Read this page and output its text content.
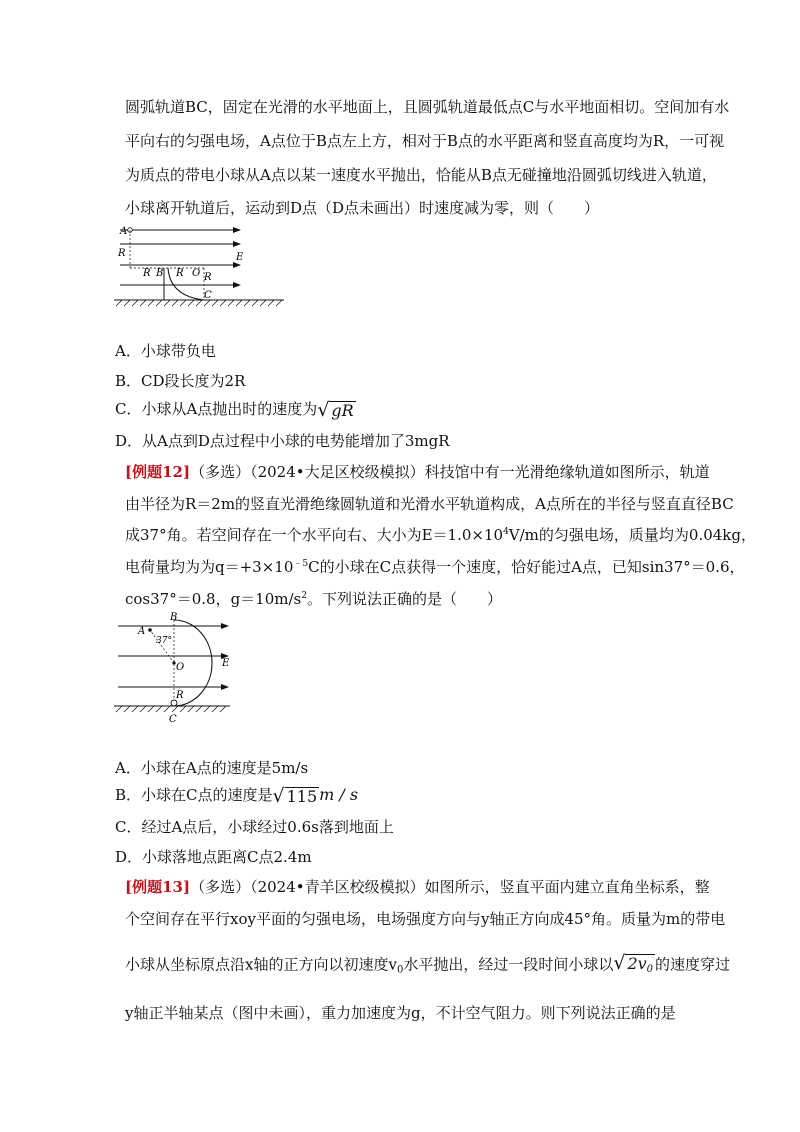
圆弧轨道BC，固定在光滑的水平地面上，且圆弧轨道最低点C与水平地面相切。空间加有水
平向右的匀强电场，A点位于B点左上方，相对于B点的水平距离和竖直高度均为R，一可视
为质点的带电小球从A点以某一速度水平抛出，恰能从B点无碰撞地沿圆弧切线进入轨道，
小球离开轨道后，运动到D点（D点未画出）时速度减为零，则（　　）
A
R	E
R B R O R
C
A．小球带负电
B．CD段长度为2R
C．小球从A点抛出时的速度为√ gR
D．从A点到D点过程中小球的电势能增加了3mgR
[例题12]（多选）（2024•大足区校级模拟）科技馆中有一光滑绝缘轨道如图所示，轨道
由半径为R＝2m的竖直光滑绝缘圆轨道和光滑水平轨道构成，A点所在的半径与竖直直径BC
成37°角。若空间存在一个水平向右、大小为$E=1.0\times 10^4V/m$的匀强电场，质量均为0.04kg，
电荷量均为为$q=+3\times 10^{﹣5}C$的小球在C点获得一个速度，恰好能过A点，已知sin37°＝0.6，
cos37°＝0.8，$g=10m/s^2$。下列说法正确的是（　　）
B
A
37°
O	E
R
C
A．小球在A点的速度是5m/s
B．小球在C点的速度是√ 115 m / s
C．经过A点后，小球经过0.6s落到地面上
D．小球落地点距离C点2.4m
[例题13]（多选）（2024•青羊区校级模拟）如图所示，竖直平面内建立直角坐标系，整
个空间存在平行xoy平面的匀强电场，电场强度方向与y轴正方向成45°角。质量为m的带电
小球从坐标原点沿x轴的正方向以初速度$v_0$水平抛出，经过一段时间小球以√ $2v_0$ 的速度穿过
y轴正半轴某点（图中未画），重力加速度为g，不计空气阻力。则下列说法正确的是
